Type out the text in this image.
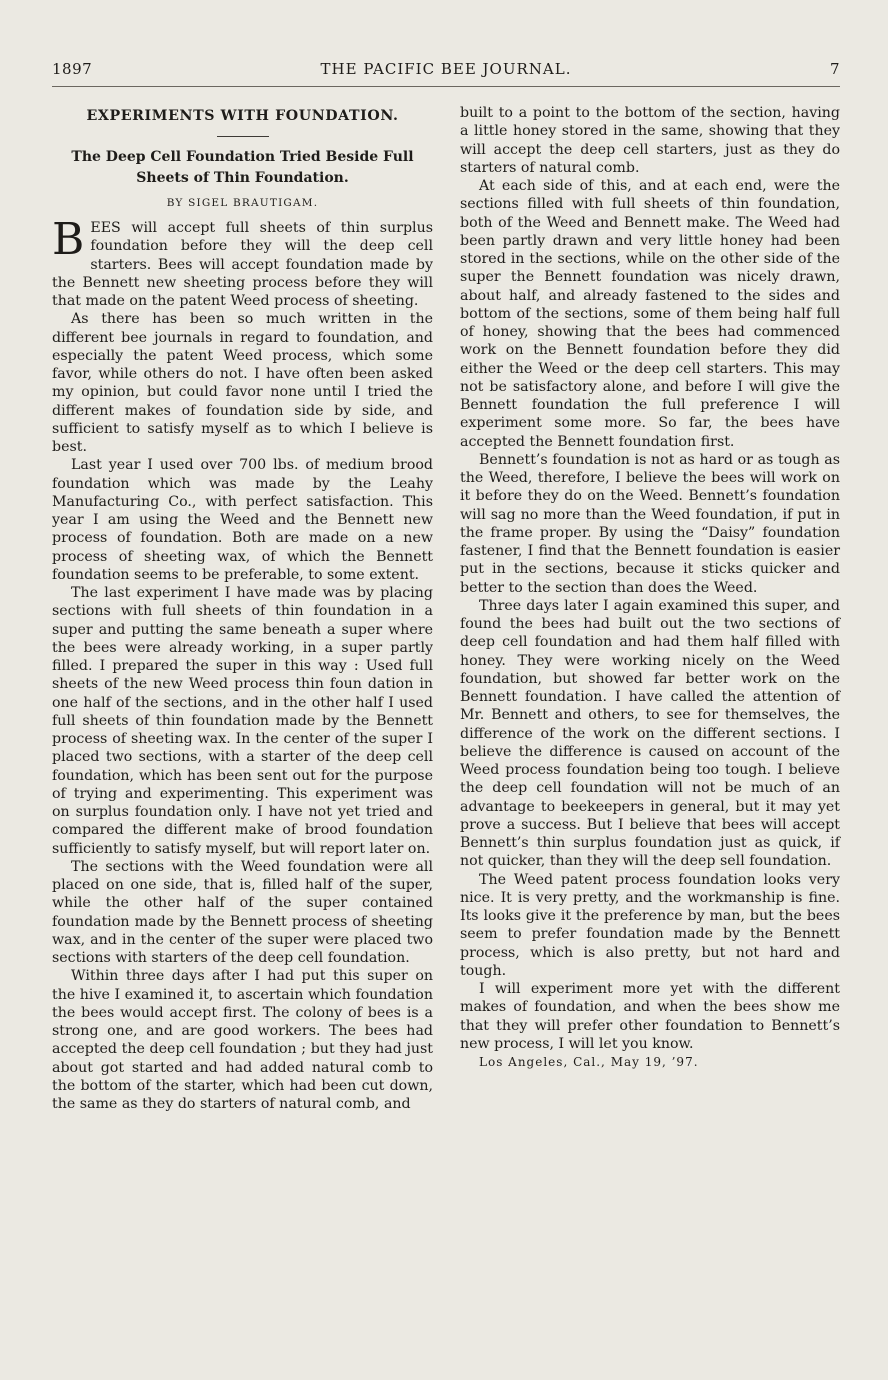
1897	THE PACIFIC BEE JOURNAL.	7
EXPERIMENTS WITH FOUNDATION.
The Deep Cell Foundation Tried Beside Full Sheets of Thin Foundation.
BY SIGEL BRAUTIGAM.

BEES will accept full sheets of thin surplus foundation before they will the deep cell starters. Bees will accept foundation made by the Bennett new sheeting process before they will that made on the patent Weed process of sheeting.

As there has been so much written in the different bee journals in regard to foundation, and especially the patent Weed process, which some favor, while others do not. I have often been asked my opinion, but could favor none until I tried the different makes of foundation side by side, and sufficient to satisfy myself as to which I believe is best.

Last year I used over 700 lbs. of medium brood foundation which was made by the Leahy Manufacturing Co., with perfect satisfaction. This year I am using the Weed and the Bennett new process of foundation. Both are made on a new process of sheeting wax, of which the Bennett foundation seems to be preferable, to some extent.

The last experiment I have made was by placing sections with full sheets of thin foundation in a super and putting the same beneath a super where the bees were already working, in a super partly filled. I prepared the super in this way : Used full sheets of the new Weed process thin foun dation in one half of the sections, and in the other half I used full sheets of thin foundation made by the Bennett process of sheeting wax. In the center of the super I placed two sections, with a starter of the deep cell foundation, which has been sent out for the purpose of trying and experimenting. This experiment was on surplus foundation only. I have not yet tried and compared the different make of brood foundation sufficiently to satisfy myself, but will report later on.

The sections with the Weed foundation were all placed on one side, that is, filled half of the super, while the other half of the super contained foundation made by the Bennett process of sheeting wax, and in the center of the super were placed two sections with starters of the deep cell foundation.

Within three days after I had put this super on the hive I examined it, to ascertain which foundation the bees would accept first. The colony of bees is a strong one, and are good workers. The bees had accepted the deep cell foundation ; but they had just about got started and had added natural comb to the bottom of the starter, which had been cut down, the same as they do starters of natural comb, and

built to a point to the bottom of the section, having a little honey stored in the same, showing that they will accept the deep cell starters, just as they do starters of natural comb.

At each side of this, and at each end, were the sections filled with full sheets of thin foundation, both of the Weed and Bennett make. The Weed had been partly drawn and very little honey had been stored in the sections, while on the other side of the super the Bennett foundation was nicely drawn, about half, and already fastened to the sides and bottom of the sections, some of them being half full of honey, showing that the bees had commenced work on the Bennett foundation before they did either the Weed or the deep cell starters. This may not be satisfactory alone, and before I will give the Bennett foundation the full preference I will experiment some more. So far, the bees have accepted the Bennett foundation first.

Bennett’s foundation is not as hard or as tough as the Weed, therefore, I believe the bees will work on it before they do on the Weed. Bennett’s foundation will sag no more than the Weed foundation, if put in the frame proper. By using the “Daisy” foundation fastener, I find that the Bennett foundation is easier put in the sections, because it sticks quicker and better to the section than does the Weed.

Three days later I again examined this super, and found the bees had built out the two sections of deep cell foundation and had them half filled with honey. They were working nicely on the Weed foundation, but showed far better work on the Bennett foundation. I have called the attention of Mr. Bennett and others, to see for themselves, the difference of the work on the different sections. I believe the difference is caused on account of the Weed process foundation being too tough. I believe the deep cell foundation will not be much of an advantage to beekeepers in general, but it may yet prove a success. But I believe that bees will accept Bennett’s thin surplus foundation just as quick, if not quicker, than they will the deep sell foundation.

The Weed patent process foundation looks very nice. It is very pretty, and the workmanship is fine. Its looks give it the preference by man, but the bees seem to prefer foundation made by the Bennett process, which is also pretty, but not hard and tough.

I will experiment more yet with the different makes of foundation, and when the bees show me that they will prefer other foundation to Bennett’s new process, I will let you know.

Los Angeles, Cal., May 19, ’97.
